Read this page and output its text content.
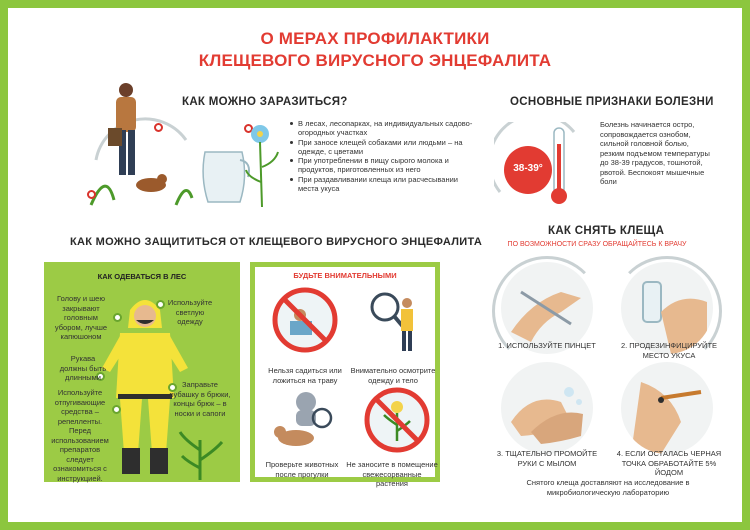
О МЕРАХ ПРОФИЛАКТИКИ
КЛЕЩЕВОГО ВИРУСНОГО ЭНЦЕФАЛИТА
КАК МОЖНО ЗАРАЗИТЬСЯ?
В лесах, лесопарках, на индивидуальных садово-огородных участках
При заносе клещей собаками или людьми – на одежде, с цветами
При употреблении в пищу сырого молока и продуктов, приготовленных из него
При раздавливании клеща или расчесывании места укуса
ОСНОВНЫЕ ПРИЗНАКИ БОЛЕЗНИ
38-39°
Болезнь начинается остро, сопровождается ознобом, сильной головной болью, резким подъемом температуры до 38-39 градусов, тошнотой, рвотой. Беспокоят мышечные боли
КАК МОЖНО ЗАЩИТИТЬСЯ ОТ КЛЕЩЕВОГО ВИРУСНОГО ЭНЦЕФАЛИТА
КАК ОДЕВАТЬСЯ В ЛЕС
Голову и шею закрывают головным убором, лучше капюшоном
Используйте светлую одежду
Рукава должны быть длинными
Используйте отпугивающие средства – репелленты. Перед использованием препаратов следует ознакомиться с инструкцией.
Заправьте рубашку в брюки, концы брюк – в носки и сапоги
БУДЬТЕ ВНИМАТЕЛЬНЫМИ
Нельзя садиться или ложиться на траву
Внимательно осмотрите одежду и тело
Проверьте животных после прогулки
Не заносите в помещение свежесорванные растения
КАК СНЯТЬ КЛЕЩА
ПО ВОЗМОЖНОСТИ СРАЗУ ОБРАЩАЙТЕСЬ К ВРАЧУ
1. ИСПОЛЬЗУЙТЕ ПИНЦЕТ	2. ПРОДЕЗИНФИЦИРУЙТЕ МЕСТО УКУСА
3. ТЩАТЕЛЬНО ПРОМОЙТЕ РУКИ С МЫЛОМ
4. ЕСЛИ ОСТАЛАСЬ ЧЕРНАЯ ТОЧКА ОБРАБОТАЙТЕ 5% ЙОДОМ
Снятого клеща доставляют на исследование в микробиологическую лабораторию
